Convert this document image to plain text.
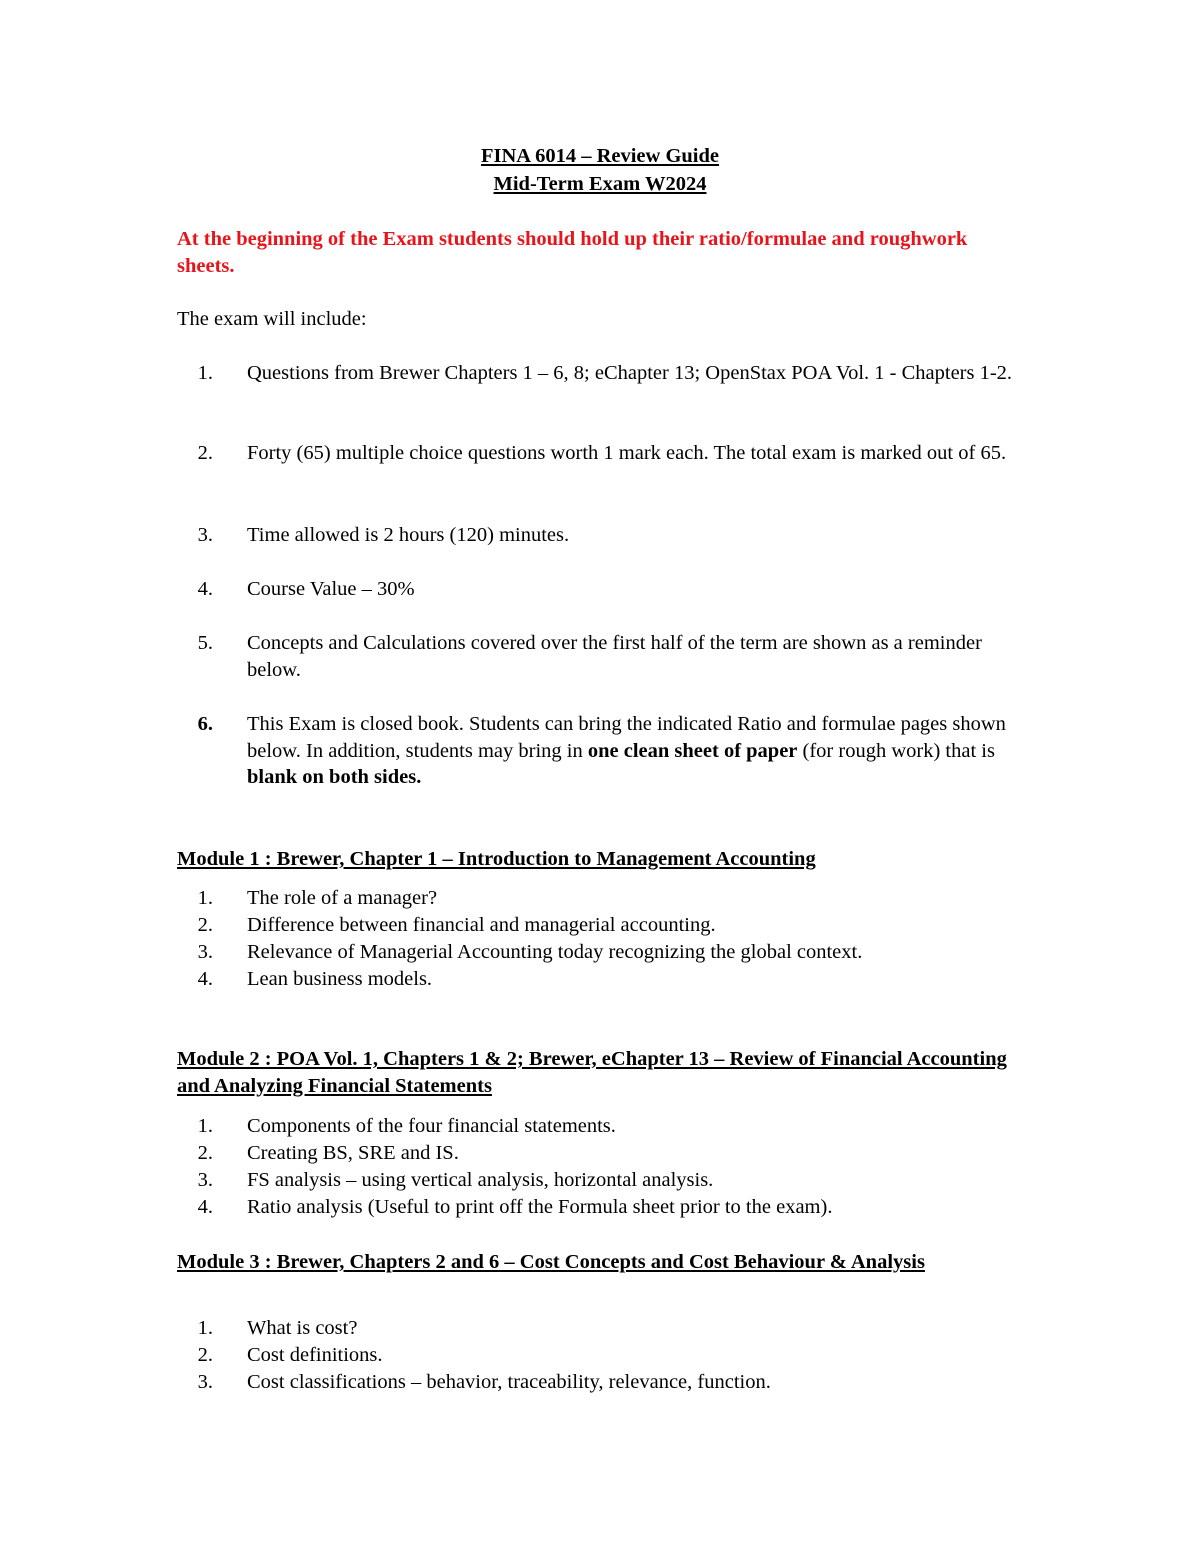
FINA 6014 – Review Guide
Mid-Term Exam W2024
At the beginning of the Exam students should hold up their ratio/formulae and roughwork sheets.
The exam will include:
1. Questions from Brewer Chapters 1 – 6, 8; eChapter 13; OpenStax POA Vol. 1 - Chapters 1-2.
2. Forty (65) multiple choice questions worth 1 mark each. The total exam is marked out of 65.
3. Time allowed is 2 hours (120) minutes.
4. Course Value – 30%
5. Concepts and Calculations covered over the first half of the term are shown as a reminder below.
6. This Exam is closed book. Students can bring the indicated Ratio and formulae pages shown below. In addition, students may bring in one clean sheet of paper (for rough work) that is blank on both sides.
Module 1 : Brewer, Chapter 1 – Introduction to Management Accounting
1. The role of a manager?
2. Difference between financial and managerial accounting.
3. Relevance of Managerial Accounting today recognizing the global context.
4. Lean business models.
Module 2 : POA Vol. 1, Chapters 1 & 2; Brewer, eChapter 13 – Review of Financial Accounting and Analyzing Financial Statements
1. Components of the four financial statements.
2. Creating BS, SRE and IS.
3. FS analysis – using vertical analysis, horizontal analysis.
4. Ratio analysis (Useful to print off the Formula sheet prior to the exam).
Module 3 : Brewer, Chapters 2 and 6 – Cost Concepts and Cost Behaviour & Analysis
1. What is cost?
2. Cost definitions.
3. Cost classifications – behavior, traceability, relevance, function.
